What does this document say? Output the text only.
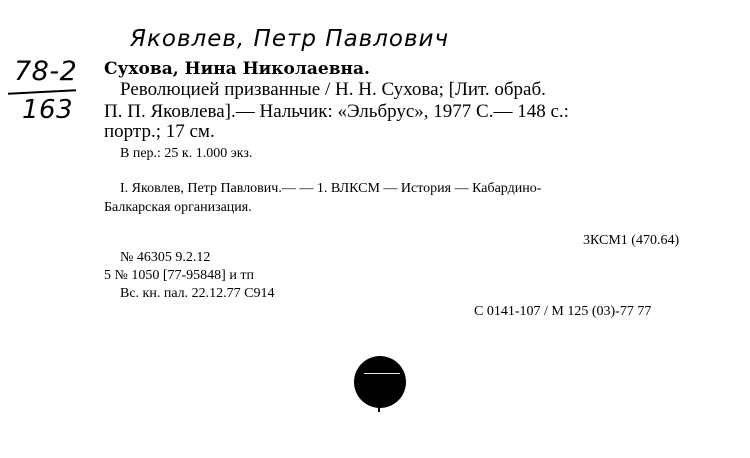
Яковлев, Петр Павлович
78-2
163
Сухова, Нина Николаевна.
Революцией призванные / Н. Н. Сухова; [Лит. обраб.
П. П. Яковлева].— Нальчик: «Эльбрус», 1977 С.— 148 с.:
портр.; 17 см.
В пер.: 25 к. 1.000 экз.
I. Яковлев, Петр Павлович.— — 1. ВЛКСМ — История — Кабардино-
Балкарская организация.
3КСМ1 (470.64)
№ 46305 9.2.12
5 № 1050 [77-95848] и тп
Вс. кн. пал. 22.12.77 С914
С 0141-107 / М 125 (03)-77 77
